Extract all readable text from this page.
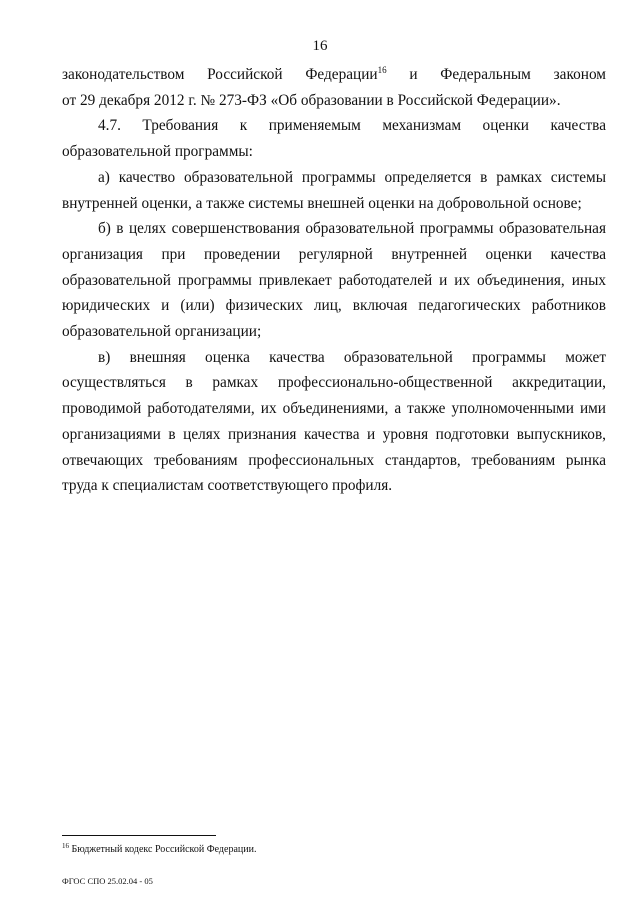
16

законодательством Российской Федерации$^{16}$ и Федеральным законом

от 29 декабря 2012 г. № 273-ФЗ «Об образовании в Российской Федерации».

4.7. Требования к применяемым механизмам оценки качества образовательной программы:

а) качество образовательной программы определяется в рамках системы внутренней оценки, а также системы внешней оценки на добровольной основе;

б) в целях совершенствования образовательной программы образовательная организация при проведении регулярной внутренней оценки качества образовательной программы привлекает работодателей и их объединения, иных юридических и (или) физических лиц, включая педагогических работников образовательной организации;

в) внешняя оценка качества образовательной программы может осуществляться в рамках профессионально-общественной аккредитации, проводимой работодателями, их объединениями, а также уполномоченными ими организациями в целях признания качества и уровня подготовки выпускников, отвечающих требованиям профессиональных стандартов, требованиям рынка труда к специалистам соответствующего профиля.

$^{16}$ Бюджетный кодекс Российской Федерации.
ФГОС СПО 25.02.04 - 05
